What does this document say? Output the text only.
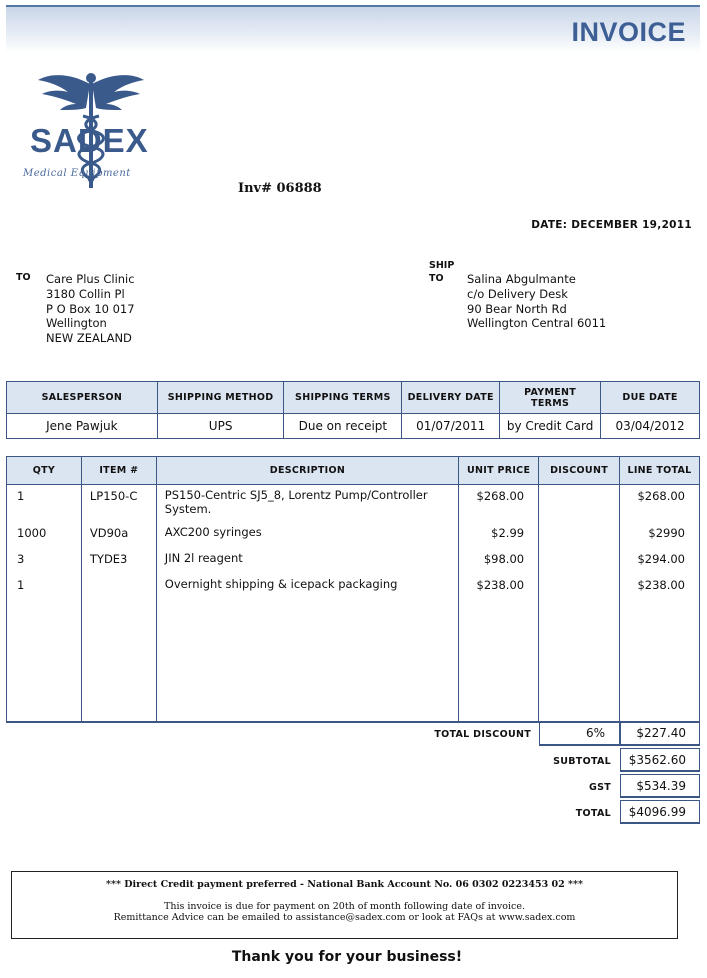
INVOICE
SADEX
Medical Equipment
Inv# 06888
DATE: DECEMBER 19,2011
TO Care Plus Clinic
3180 Collin Pl
P O Box 10 017
Wellington
NEW ZEALAND
SHIP
TO	Salina Abgulmante
c/o Delivery Desk
90 Bear North Rd
Wellington Central 6011
SALESPERSON	SHIPPING METHOD	SHIPPING TERMS	DELIVERY DATE	PAYMENT TERMS	DUE DATE
Jene Pawjuk	UPS	Due on receipt	01/07/2011	by Credit Card	03/04/2012
QTY	ITEM #	DESCRIPTION	UNIT PRICE	DISCOUNT	LINE TOTAL
1	LP150-C	PS150-Centric SJ5_8, Lorentz Pump/Controller System.	$268.00		$268.00
1000	VD90a	AXC200 syringes	$2.99		$2990
3	TYDE3	JIN 2l reagent	$98.00		$294.00
1		Overnight shipping & icepack packaging	$238.00		$238.00

TOTAL DISCOUNT	6%	$227.40
SUBTOTAL	$3562.60
GST	$534.39
TOTAL	$4096.99
*** Direct Credit payment preferred - National Bank Account No. 06 0302 0223453 02 ***
This invoice is due for payment on 20th of month following date of invoice.
Remittance Advice can be emailed to assistance@sadex.com or look at FAQs at www.sadex.com
Thank you for your business!
